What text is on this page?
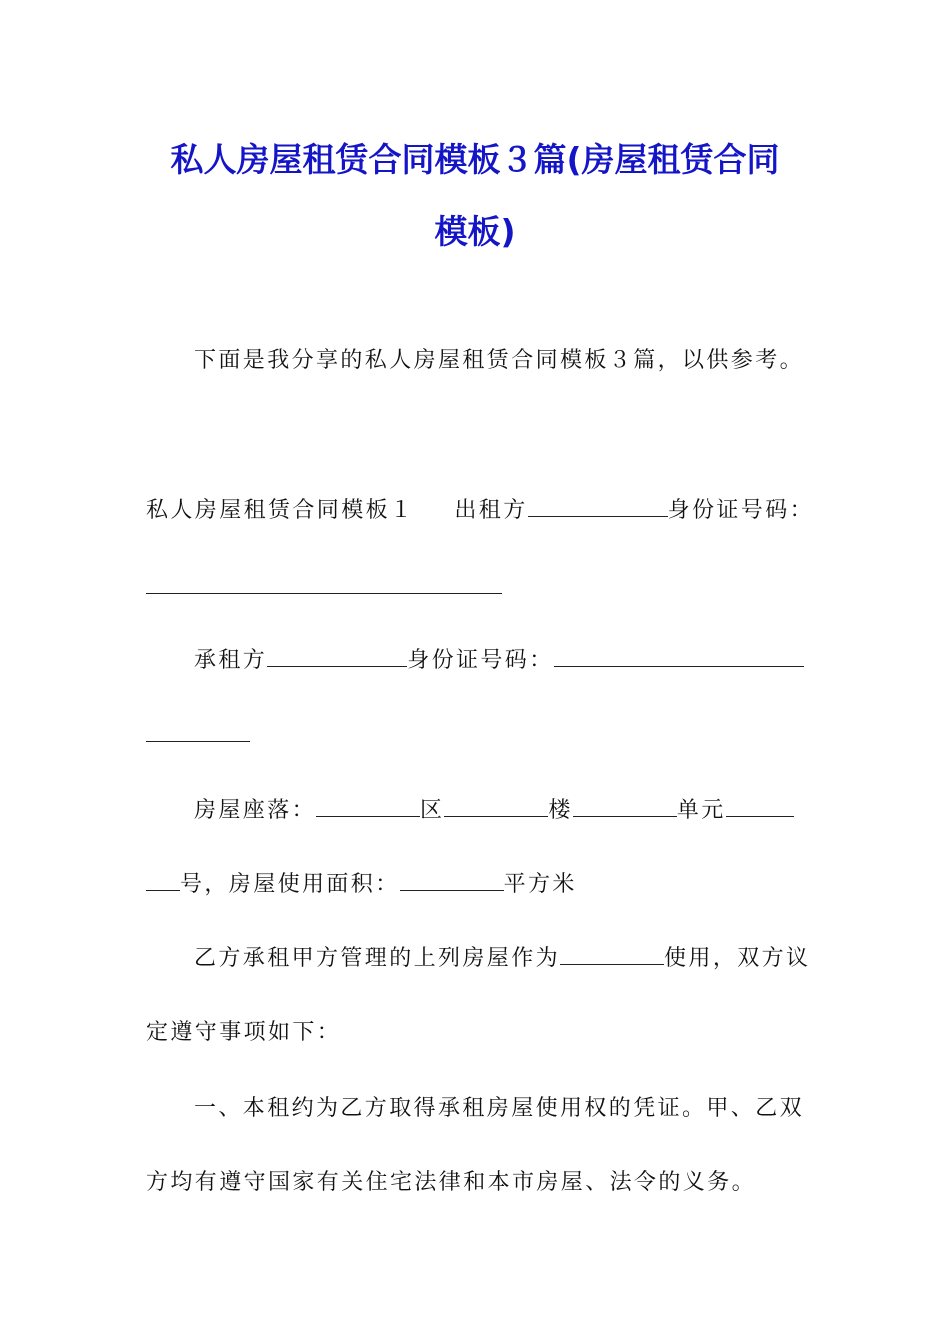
私人房屋租赁合同模板３篇(房屋租赁合同
模板)

下面是我分享的私人房屋租赁合同模板３篇，以供参考。

私人房屋租赁合同模板１ 出租方	身份证号码：

承租方	身份证号码：

房屋座落：	区	楼	单元

号，房屋使用面积：	平方米

乙方承租甲方管理的上列房屋作为	使用，双方议

定遵守事项如下：

一、本租约为乙方取得承租房屋使用权的凭证。甲、乙双

方均有遵守国家有关住宅法律和本市房屋、法令的义务。
